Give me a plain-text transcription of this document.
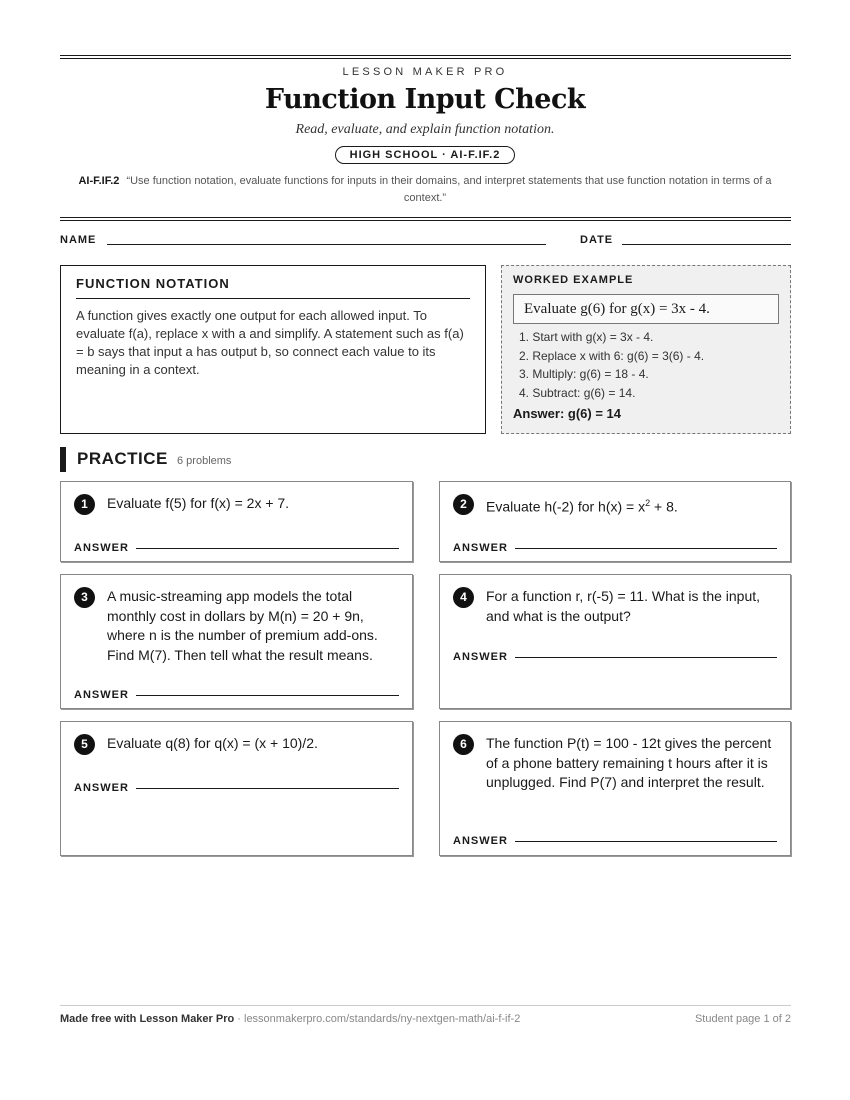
LESSON MAKER PRO
Function Input Check
Read, evaluate, and explain function notation.
HIGH SCHOOL · AI-F.IF.2
AI-F.IF.2 “Use function notation, evaluate functions for inputs in their domains, and interpret statements that use function notation in terms of a context.”
NAME	DATE
FUNCTION NOTATION
A function gives exactly one output for each allowed input. To evaluate f(a), replace x with a and simplify. A statement such as f(a) = b says that input a has output b, so connect each value to its meaning in a context.
WORKED EXAMPLE
Evaluate g(6) for g(x) = 3x - 4.
1. Start with g(x) = 3x - 4.
2. Replace x with 6: g(6) = 3(6) - 4.
3. Multiply: g(6) = 18 - 4.
4. Subtract: g(6) = 14.
Answer: g(6) = 14
PRACTICE 6 problems
1	Evaluate f(5) for f(x) = 2x + 7.
ANSWER
2	Evaluate h(-2) for $h(x) = x^2 + 8$.
ANSWER
3	A music-streaming app models the total monthly cost in dollars by M(n) = 20 + 9n, where n is the number of premium add-ons. Find M(7). Then tell what the result means.
ANSWER
4	For a function r, r(-5) = 11. What is the input, and what is the output?
ANSWER
5	Evaluate q(8) for q(x) = (x + 10)/2.
ANSWER
6	The function P(t) = 100 - 12t gives the percent of a phone battery remaining t hours after it is unplugged. Find P(7) and interpret the result.
ANSWER
Made free with Lesson Maker Pro · lessonmakerpro.com/standards/ny-nextgen-math/ai-f-if-2	Student page 1 of 2
